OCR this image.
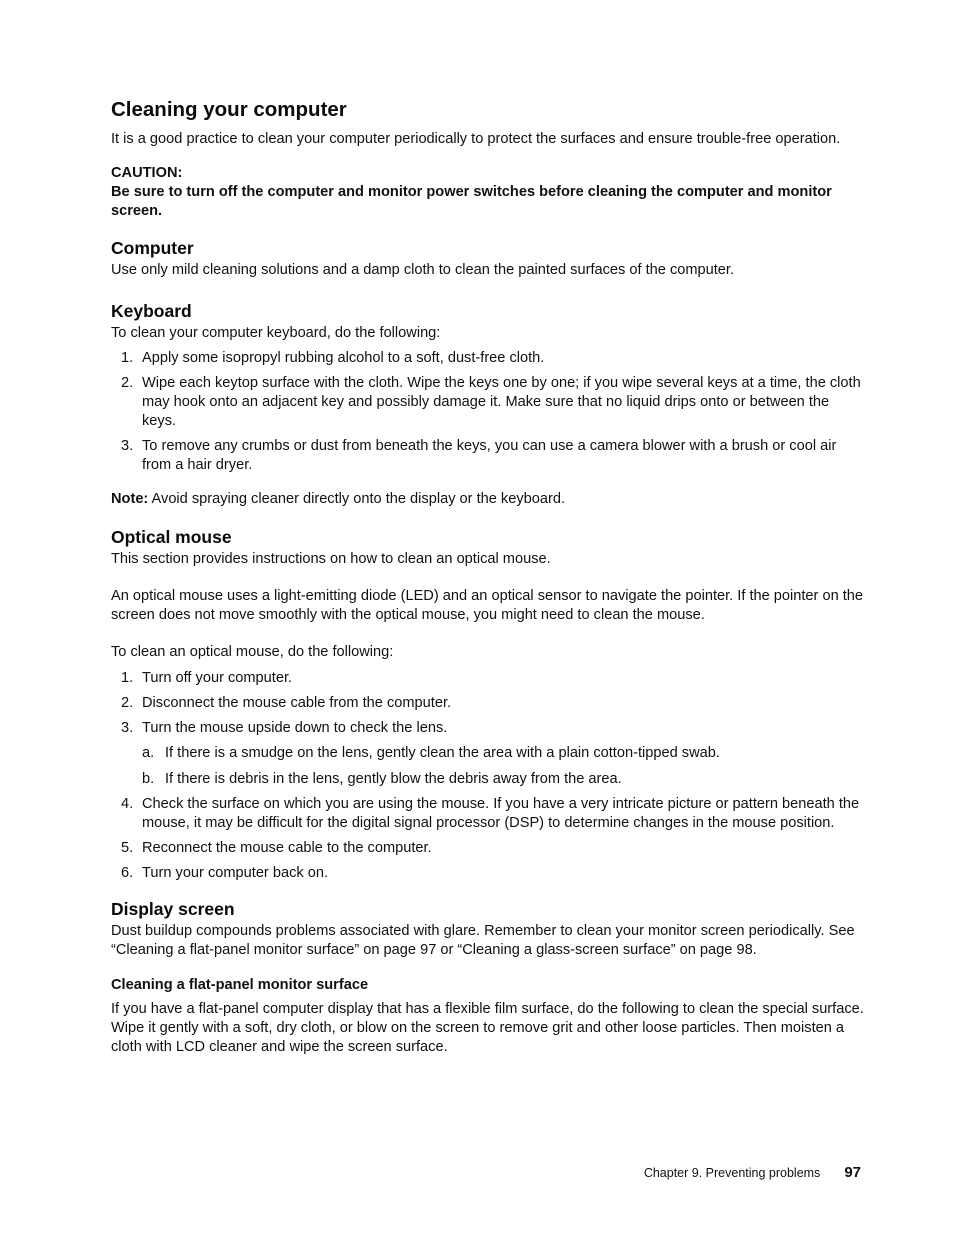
Cleaning your computer

It is a good practice to clean your computer periodically to protect the surfaces and ensure trouble-free operation.

CAUTION:

Be sure to turn off the computer and monitor power switches before cleaning the computer and monitor screen.

Computer

Use only mild cleaning solutions and a damp cloth to clean the painted surfaces of the computer.

Keyboard

To clean your computer keyboard, do the following:

1. Apply some isopropyl rubbing alcohol to a soft, dust-free cloth.
2. Wipe each keytop surface with the cloth. Wipe the keys one by one; if you wipe several keys at a time, the cloth may hook onto an adjacent key and possibly damage it. Make sure that no liquid drips onto or between the keys.
3. To remove any crumbs or dust from beneath the keys, you can use a camera blower with a brush or cool air from a hair dryer.

Note: Avoid spraying cleaner directly onto the display or the keyboard.

Optical mouse

This section provides instructions on how to clean an optical mouse.

An optical mouse uses a light-emitting diode (LED) and an optical sensor to navigate the pointer. If the pointer on the screen does not move smoothly with the optical mouse, you might need to clean the mouse.

To clean an optical mouse, do the following:

1. Turn off your computer.
2. Disconnect the mouse cable from the computer.
3. Turn the mouse upside down to check the lens.
a. If there is a smudge on the lens, gently clean the area with a plain cotton-tipped swab.
b. If there is debris in the lens, gently blow the debris away from the area.
4. Check the surface on which you are using the mouse. If you have a very intricate picture or pattern beneath the mouse, it may be difficult for the digital signal processor (DSP) to determine changes in the mouse position.
5. Reconnect the mouse cable to the computer.
6. Turn your computer back on.
Display screen

Dust buildup compounds problems associated with glare. Remember to clean your monitor screen periodically. See “Cleaning a flat-panel monitor surface” on page 97 or “Cleaning a glass-screen surface” on page 98.

Cleaning a flat-panel monitor surface

If you have a flat-panel computer display that has a flexible film surface, do the following to clean the special surface. Wipe it gently with a soft, dry cloth, or blow on the screen to remove grit and other loose particles. Then moisten a cloth with LCD cleaner and wipe the screen surface.

Chapter 9. Preventing problems 97
